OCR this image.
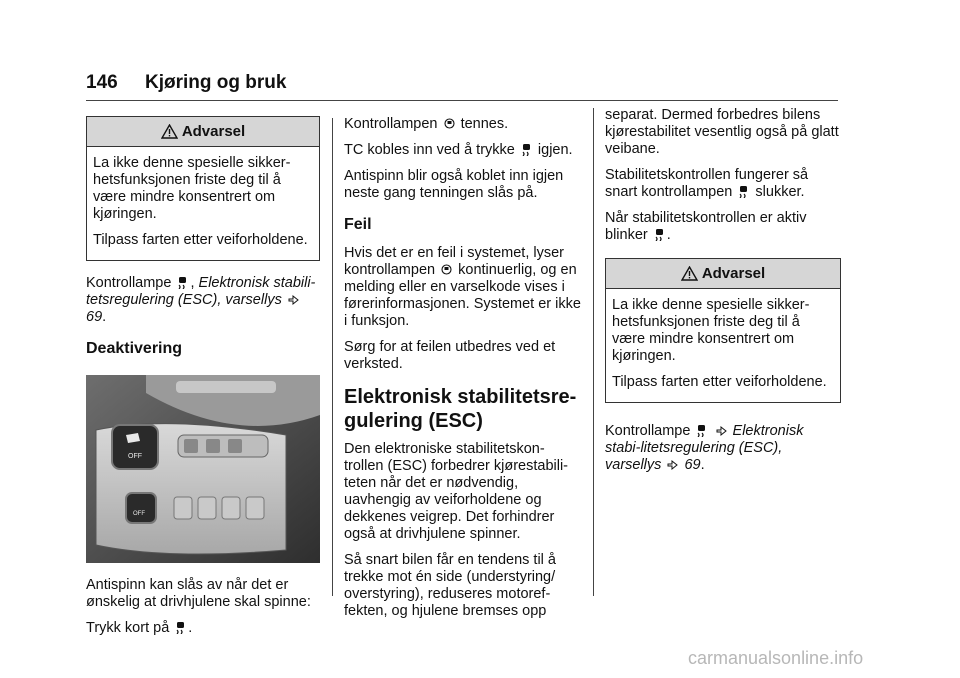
146 Kjøring og bruk
Advarsel

La ikke denne spesielle sikker-hetsfunksjonen friste deg til å være mindre konsentrert om kjøringen.

Tilpass farten etter veiforholdene.

Kontrollampe , Elektronisk stabili-tetsregulering (ESC), varsellys  69.

Deaktivering
OFF
OFF

Antispinn kan slås av når det er ønskelig at drivhjulene skal spinne:

Trykk kort på .

Kontrollampen tennes.

TC kobles inn ved å trykke igjen.

Antispinn blir også koblet inn igjen neste gang tenningen slås på.

Feil

Hvis det er en feil i systemet, lyser kontrollampen kontinuerlig, og en melding eller en varselkode vises i førerinformasjonen. Systemet er ikke i funksjon.

Sørg for at feilen utbedres ved et verksted.

Elektronisk stabilitetsre-gulering (ESC)

Den elektroniske stabilitetskon-trollen (ESC) forbedrer kjørestabili-teten når det er nødvendig, uavhengig av veiforholdene og dekkenes veigrep. Det forhindrer også at drivhjulene spinner.

Så snart bilen får en tendens til å trekke mot én side (understyring/ overstyring), reduseres motoref-fekten, og hjulene bremses opp

separat. Dermed forbedres bilens kjørestabilitet vesentlig også på glatt veibane.

Stabilitetskontrollen fungerer så snart kontrollampen slukker.

Når stabilitetskontrollen er aktiv blinker .

Advarsel

La ikke denne spesielle sikker-hetsfunksjonen friste deg til å være mindre konsentrert om kjøringen.

Tilpass farten etter veiforholdene.

Kontrollampe	Elektronisk stabi-litetsregulering (ESC), varsellys 69.

carmanualsonline.info
